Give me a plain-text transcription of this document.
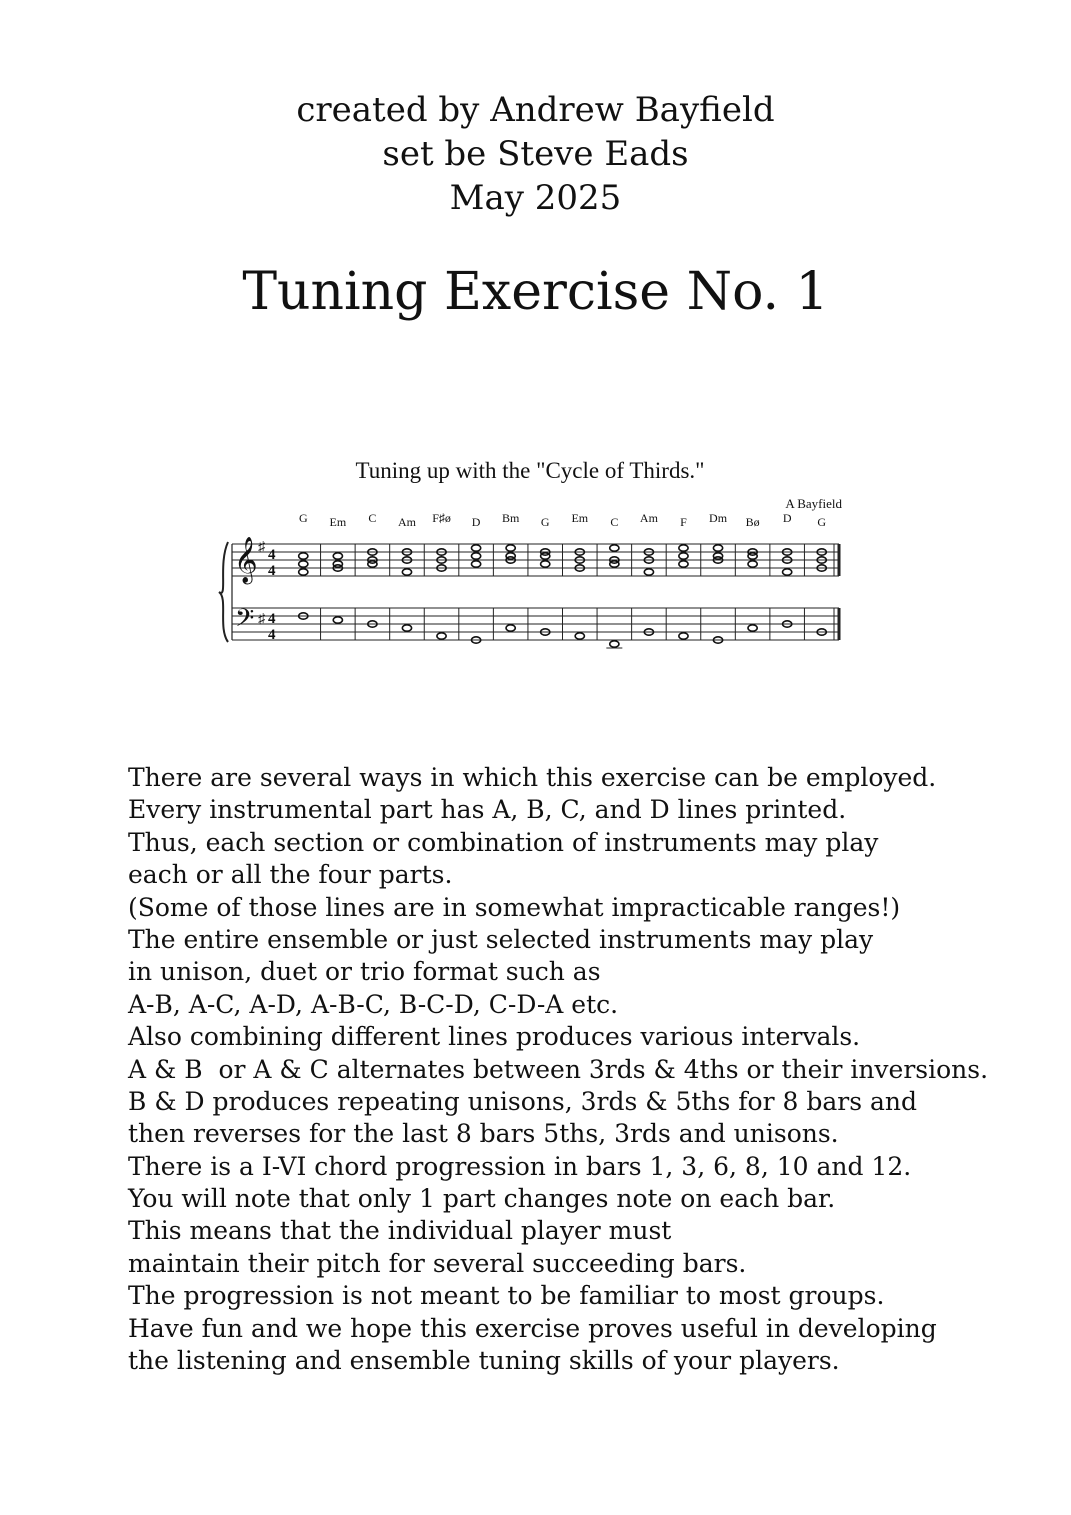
created by Andrew Bayfield
set be Steve Eads
May 2025
Tuning Exercise No. 1
Tuning up with the "Cycle of Thirds."
A Bayfield
G Em C Am F♯ø D Bm G Em C Am F Dm Bø D G
𝄞
𝄢
♯
♯
4
4
4
4
There are several ways in which this exercise can be employed.
Every instrumental part has A, B, C, and D lines printed.
Thus, each section or combination of instruments may play
each or all the four parts.
(Some of those lines are in somewhat impracticable ranges!)
The entire ensemble or just selected instruments may play
in unison, duet or trio format such as
A-B, A-C, A-D, A-B-C, B-C-D, C-D-A etc.
Also combining different lines produces various intervals.
A & B  or A & C alternates between 3rds & 4ths or their inversions.
B & D produces repeating unisons, 3rds & 5ths for 8 bars and
then reverses for the last 8 bars 5ths, 3rds and unisons.
There is a I-VI chord progression in bars 1, 3, 6, 8, 10 and 12.
You will note that only 1 part changes note on each bar.
This means that the individual player must
maintain their pitch for several succeeding bars.
The progression is not meant to be familiar to most groups.
Have fun and we hope this exercise proves useful in developing
the listening and ensemble tuning skills of your players.
